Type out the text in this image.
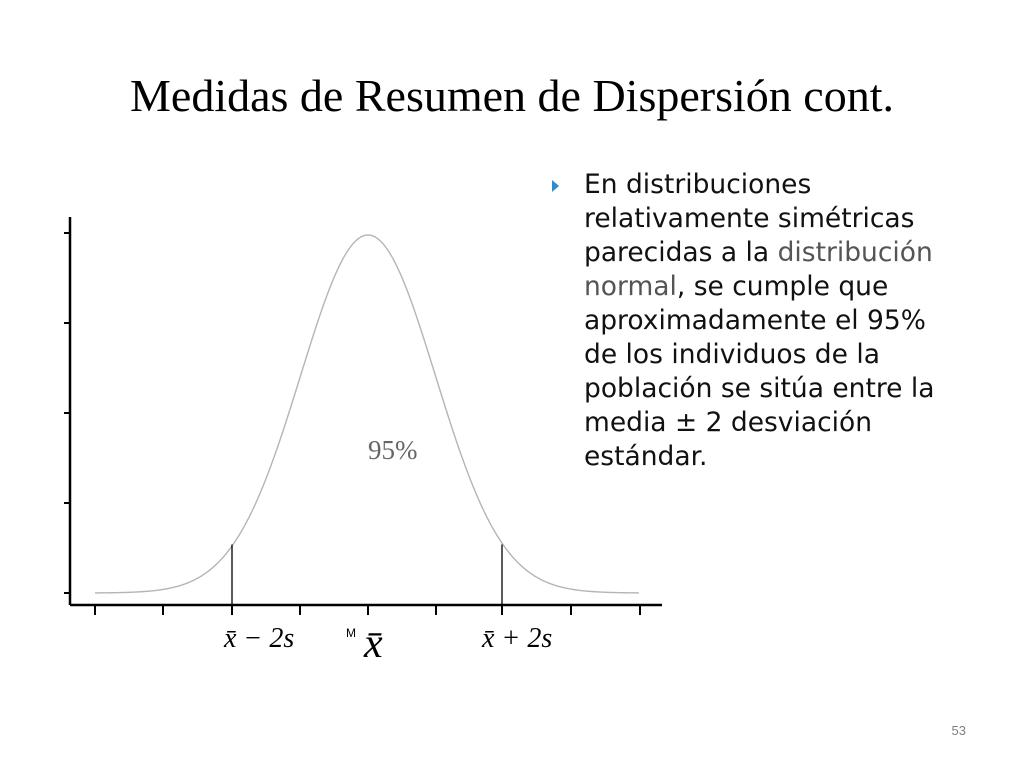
Medidas de Resumen de Dispersión cont.
95%
x̄ − 2s	M x̄	x̄ + 2s
En distribuciones relativamente simétricas parecidas a la distribución normal, se cumple que aproximadamente el 95% de los individuos de la población se sitúa entre la media ± 2 desviación estándar.
53
